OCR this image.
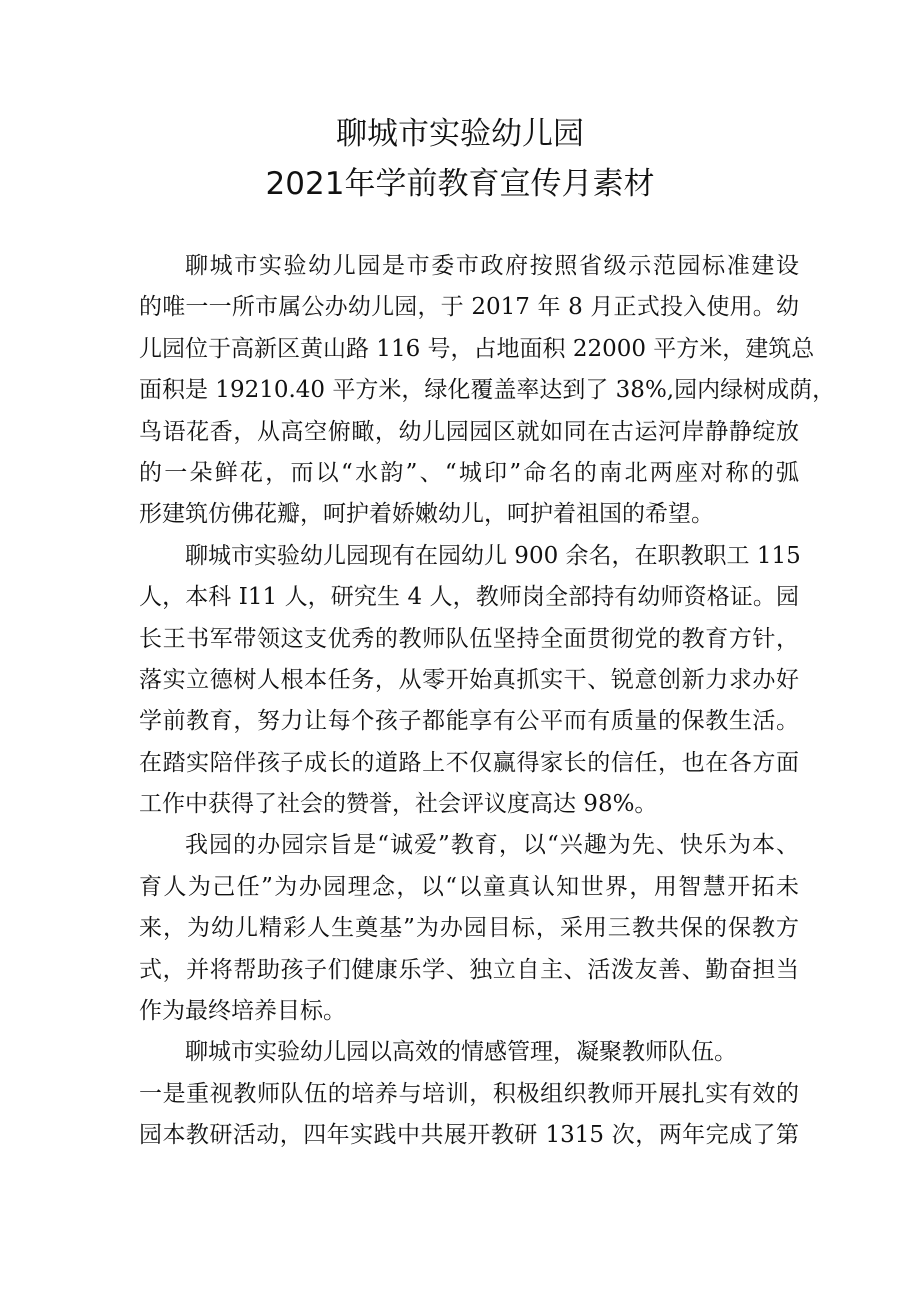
聊城市实验幼儿园
2021年学前教育宣传月素材
聊城市实验幼儿园是市委市政府按照省级示范园标准建设
的唯一一所市属公办幼儿园，于 2017 年 8 月正式投入使用。幼
儿园位于高新区黄山路 116 号，占地面积 22000 平方米，建筑总
面积是 19210.40 平方米，绿化覆盖率达到了 38%,园内绿树成荫，
鸟语花香，从高空俯瞰，幼儿园园区就如同在古运河岸静静绽放
的一朵鲜花，而以“水韵”、“城印”命名的南北两座对称的弧
形建筑仿佛花瓣，呵护着娇嫩幼儿，呵护着祖国的希望。
聊城市实验幼儿园现有在园幼儿 900 余名，在职教职工 115
人，本科 I11 人，研究生 4 人，教师岗全部持有幼师资格证。园
长王书军带领这支优秀的教师队伍坚持全面贯彻党的教育方针，
落实立德树人根本任务，从零开始真抓实干、锐意创新力求办好
学前教育，努力让每个孩子都能享有公平而有质量的保教生活。
在踏实陪伴孩子成长的道路上不仅赢得家长的信任，也在各方面
工作中获得了社会的赞誉，社会评议度高达 98%。
我园的办园宗旨是“诚爱”教育，以“兴趣为先、快乐为本、
育人为己任”为办园理念，以“以童真认知世界，用智慧开拓未
来，为幼儿精彩人生奠基”为办园目标，采用三教共保的保教方
式，并将帮助孩子们健康乐学、独立自主、活泼友善、勤奋担当
作为最终培养目标。
聊城市实验幼儿园以高效的情感管理，凝聚教师队伍。
一是重视教师队伍的培养与培训，积极组织教师开展扎实有效的
园本教研活动，四年实践中共展开教研 1315 次，两年完成了第
